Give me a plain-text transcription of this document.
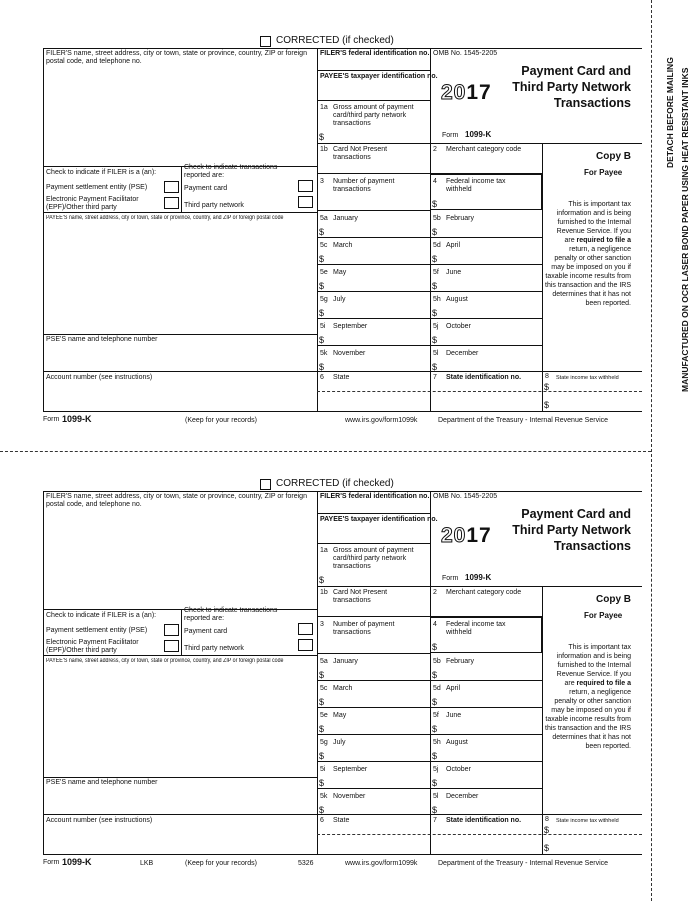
CORRECTED (if checked)
FILER'S name, street address, city or town, state or province, country, ZIP or foreign postal code, and telephone no.
FILER'S federal identification no.
PAYEE'S taxpayer identification no.
1a Gross amount of payment card/third party network transactions
$
OMB No. 1545-2205
2017
Form 1099-K
Payment Card and Third Party Network Transactions
Check to indicate if FILER is a (an):
Payment settlement entity (PSE)
Electronic Payment Facilitator (EPF)/Other third party
Check to indicate transactions reported are:
Payment card
Third party network
PAYEE'S name, street address, city or town, state or province, country, and ZIP or foreign postal code
1b Card Not Present transactions
2 Merchant category code
3 Number of payment transactions
4 Federal income tax withheld
$
5a January
$
5b February
$
5c March
$
5d April
$
5e May
$
5f June
$
5g July
$
5h August
$
5i September
$
5j October
$
5k November
$
5l December
$
PSE'S name and telephone number
Account number (see instructions)	6 State	7 State identification no.	8 State income tax withheld
$
$
Copy B
For Payee
This is important tax information and is being furnished to the Internal Revenue Service. If you are required to file a return, a negligence penalty or other sanction may be imposed on you if taxable income results from this transaction and the IRS determines that it has not been reported.
Form 1099-K	(Keep for your records)	www.irs.gov/form1099k	Department of the Treasury - Internal Revenue Service
CORRECTED (if checked)
FILER'S name, street address, city or town, state or province, country, ZIP or foreign postal code, and telephone no.
FILER'S federal identification no.
PAYEE'S taxpayer identification no.
1a Gross amount of payment card/third party network transactions
$
OMB No. 1545-2205
2017
Form 1099-K
Payment Card and Third Party Network Transactions
Check to indicate if FILER is a (an):
Payment settlement entity (PSE)
Electronic Payment Facilitator (EPF)/Other third party
Check to indicate transactions reported are:
Payment card
Third party network
PAYEE'S name, street address, city or town, state or province, country, and ZIP or foreign postal code
1b Card Not Present transactions
2 Merchant category code
3 Number of payment transactions
4 Federal income tax withheld
$
5a January
$
5b February
$
5c March
$
5d April
$
5e May
$
5f June
$
5g July
$
5h August
$
5i September
$
5j October
$
5k November
$
5l December
$
PSE'S name and telephone number
Account number (see instructions)	6 State	7 State identification no.	8 State income tax withheld
$
$
Copy B
For Payee
This is important tax information and is being furnished to the Internal Revenue Service. If you are required to file a return, a negligence penalty or other sanction may be imposed on you if taxable income results from this transaction and the IRS determines that it has not been reported.
Form 1099-K	(Keep for your records)	www.irs.gov/form1099k	Department of the Treasury - Internal Revenue Service
LKB	5326
DETACH BEFORE MAILING MANUFACTURED ON OCR LASER BOND PAPER USING HEAT RESISTANT INKS
